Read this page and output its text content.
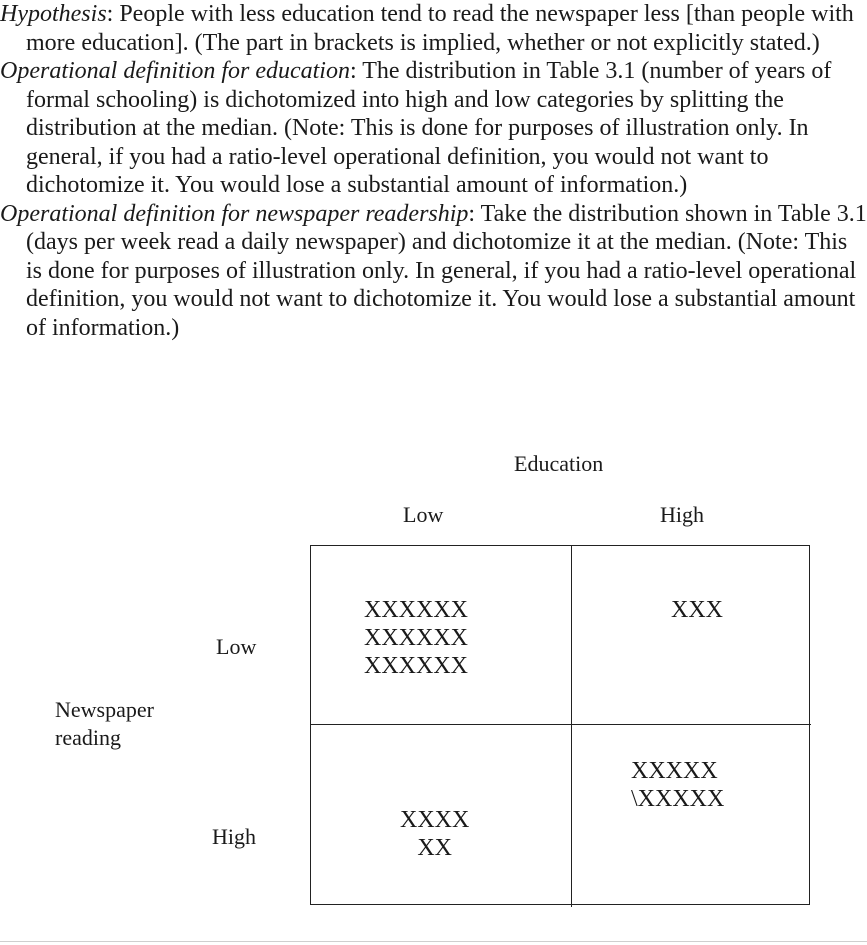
Hypothesis: People with less education tend to read the newspaper less [than people with more education]. (The part in brackets is implied, whether or not explicitly stated.)

Operational definition for education: The distribution in Table 3.1 (number of years of formal schooling) is dichotomized into high and low categories by splitting the distribution at the median. (Note: This is done for purposes of illustration only. In general, if you had a ratio-level operational definition, you would not want to dichotomize it. You would lose a substantial amount of information.)

Operational definition for newspaper readership: Take the distribution shown in Table 3.1 (days per week read a daily newspaper) and dichotomize it at the median. (Note: This is done for purposes of illustration only. In general, if you had a ratio-level operational definition, you would not want to dichotomize it. You would lose a substantial amount of information.)

Education
Low	High
Newspaper
reading
Low
High
XXXXXX
XXXXXX
XXXXXX
XXX
XXXX
XX
XXXXX
\XXXXX
